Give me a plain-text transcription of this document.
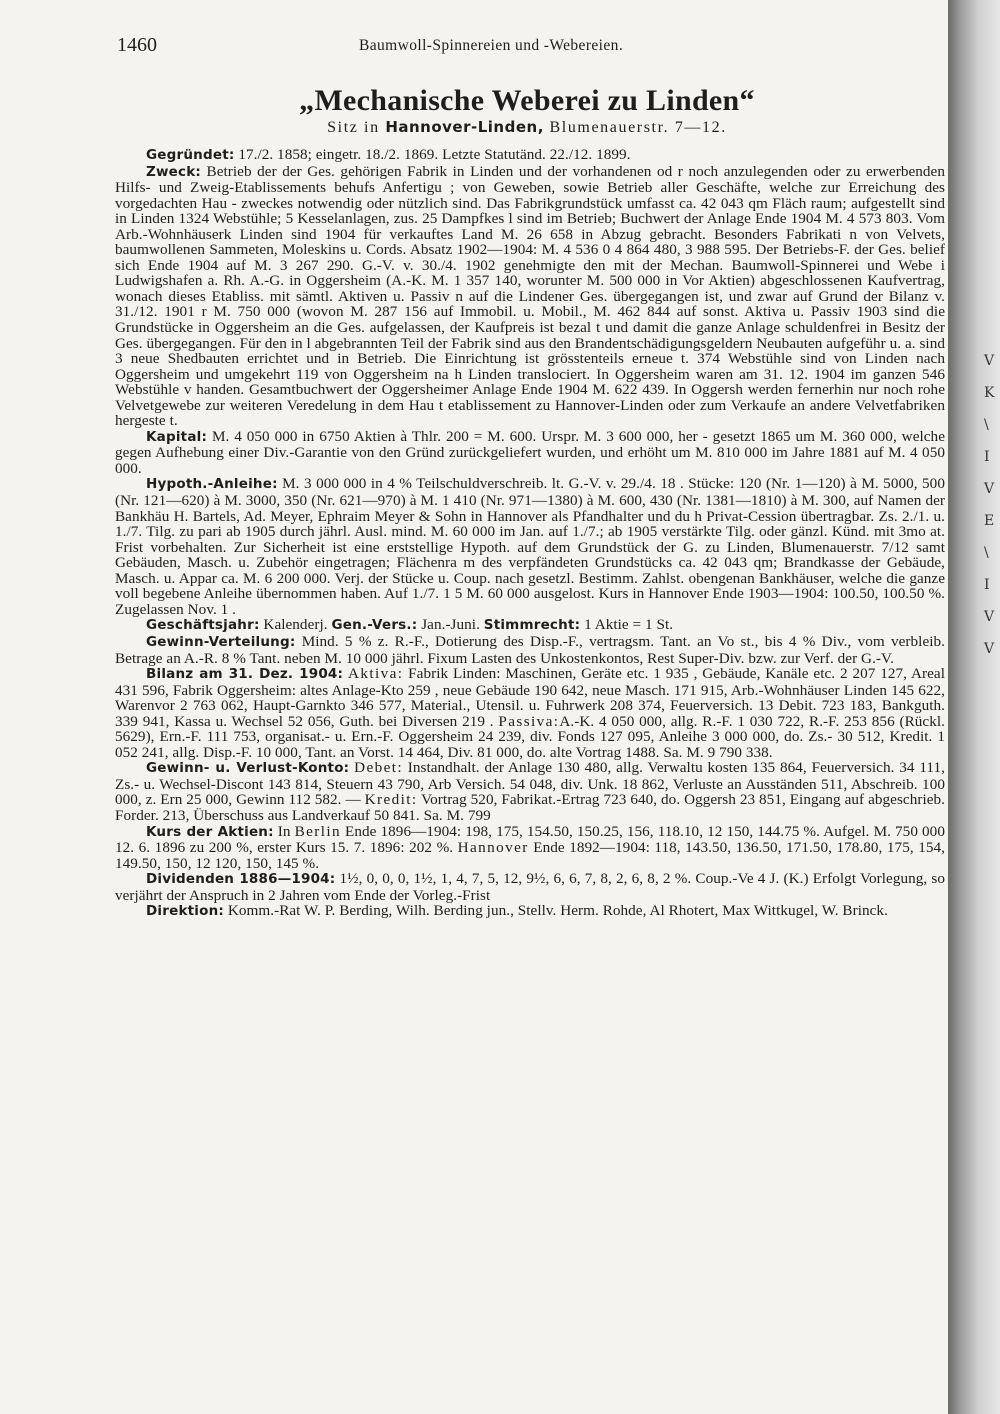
1460	Baumwoll-Spinnereien und -Webereien.
„Mechanische Weberei zu Linden“
Sitz in Hannover-Linden, Blumenauerstr. 7—12.

Gegründet: 17./2. 1858; eingetr. 18./2. 1869. Letzte Statutänd. 22./12. 1899.

Zweck: Betrieb der der Ges. gehörigen Fabrik in Linden und der vorhandenen od r noch anzulegenden oder zu erwerbenden Hilfs- und Zweig-Etablissements behufs Anfertigu ; von Geweben, sowie Betrieb aller Geschäfte, welche zur Erreichung des vorgedachten Hau - zweckes notwendig oder nützlich sind. Das Fabrikgrundstück umfasst ca. 42 043 qm Fläch raum; aufgestellt sind in Linden 1324 Webstühle; 5 Kesselanlagen, zus. 25 Dampfkes l sind im Betrieb; Buchwert der Anlage Ende 1904 M. 4 573 803. Vom Arb.-Wohnhäuserk Linden sind 1904 für verkauftes Land M. 26 658 in Abzug gebracht. Besonders Fabrikati n von Velvets, baumwollenen Sammeten, Moleskins u. Cords. Absatz 1902—1904: M. 4 536 0 4 864 480, 3 988 595. Der Betriebs-F. der Ges. belief sich Ende 1904 auf M. 3 267 290. G.-V. v. 30./4. 1902 genehmigte den mit der Mechan. Baumwoll-Spinnerei und Webe i Ludwigshafen a. Rh. A.-G. in Oggersheim (A.-K. M. 1 357 140, worunter M. 500 000 in Vor Aktien) abgeschlossenen Kaufvertrag, wonach dieses Etabliss. mit sämtl. Aktiven u. Passiv n auf die Lindener Ges. übergegangen ist, und zwar auf Grund der Bilanz v. 31./12. 1901 r M. 750 000 (wovon M. 287 156 auf Immobil. u. Mobil., M. 462 844 auf sonst. Aktiva u. Passiv 1903 sind die Grundstücke in Oggersheim an die Ges. aufgelassen, der Kaufpreis ist bezal t und damit die ganze Anlage schuldenfrei in Besitz der Ges. übergegangen. Für den in l abgebrannten Teil der Fabrik sind aus den Brandentschädigungsgeldern Neubauten aufgeführ u. a. sind 3 neue Shedbauten errichtet und in Betrieb. Die Einrichtung ist grösstenteils erneue t. 374 Webstühle sind von Linden nach Oggersheim und umgekehrt 119 von Oggersheim na h Linden translociert. In Oggersheim waren am 31. 12. 1904 im ganzen 546 Webstühle v handen. Gesamtbuchwert der Oggersheimer Anlage Ende 1904 M. 622 439. In Oggersh werden fernerhin nur noch rohe Velvetgewebe zur weiteren Veredelung in dem Hau t etablissement zu Hannover-Linden oder zum Verkaufe an andere Velvetfabriken hergeste t.

Kapital: M. 4 050 000 in 6750 Aktien à Thlr. 200 = M. 600. Urspr. M. 3 600 000, her - gesetzt 1865 um M. 360 000, welche gegen Aufhebung einer Div.-Garantie von den Gründ zurückgeliefert wurden, und erhöht um M. 810 000 im Jahre 1881 auf M. 4 050 000.

Hypoth.-Anleihe: M. 3 000 000 in 4 % Teilschuldverschreib. lt. G.-V. v. 29./4. 18 . Stücke: 120 (Nr. 1—120) à M. 5000, 500 (Nr. 121—620) à M. 3000, 350 (Nr. 621—970) à M. 1 410 (Nr. 971—1380) à M. 600, 430 (Nr. 1381—1810) à M. 300, auf Namen der Bankhäu H. Bartels, Ad. Meyer, Ephraim Meyer & Sohn in Hannover als Pfandhalter und du h Privat-Cession übertragbar. Zs. 2./1. u. 1./7. Tilg. zu pari ab 1905 durch jährl. Ausl. mind. M. 60 000 im Jan. auf 1./7.; ab 1905 verstärkte Tilg. oder gänzl. Künd. mit 3mo at. Frist vorbehalten. Zur Sicherheit ist eine erststellige Hypoth. auf dem Grundstück der G. zu Linden, Blumenauerstr. 7/12 samt Gebäuden, Masch. u. Zubehör eingetragen; Flächenra m des verpfändeten Grundstücks ca. 42 043 qm; Brandkasse der Gebäude, Masch. u. Appar ca. M. 6 200 000. Verj. der Stücke u. Coup. nach gesetzl. Bestimm. Zahlst. obengenan Bankhäuser, welche die ganze voll begebene Anleihe übernommen haben. Auf 1./7. 1 5 M. 60 000 ausgelost. Kurs in Hannover Ende 1903—1904: 100.50, 100.50 %. Zugelassen Nov. 1 .

Geschäftsjahr: Kalenderj. Gen.-Vers.: Jan.-Juni. Stimmrecht: 1 Aktie = 1 St.

Gewinn-Verteilung: Mind. 5 % z. R.-F., Dotierung des Disp.-F., vertragsm. Tant. an Vo st., bis 4 % Div., vom verbleib. Betrage an A.-R. 8 % Tant. neben M. 10 000 jährl. Fixum Lasten des Unkostenkontos, Rest Super-Div. bzw. zur Verf. der G.-V.

Bilanz am 31. Dez. 1904: Aktiva: Fabrik Linden: Maschinen, Geräte etc. 1 935 , Gebäude, Kanäle etc. 2 207 127, Areal 431 596, Fabrik Oggersheim: altes Anlage-Kto 259 , neue Gebäude 190 642, neue Masch. 171 915, Arb.-Wohnhäuser Linden 145 622, Warenvor 2 763 062, Haupt-Garnkto 346 577, Material., Utensil. u. Fuhrwerk 208 374, Feuerversich. 13 Debit. 723 183, Bankguth. 339 941, Kassa u. Wechsel 52 056, Guth. bei Diversen 219 . Passiva:A.-K. 4 050 000, allg. R.-F. 1 030 722, R.-F. 253 856 (Rückl. 5629), Ern.-F. 111 753, organisat.- u. Ern.-F. Oggersheim 24 239, div. Fonds 127 095, Anleihe 3 000 000, do. Zs.- 30 512, Kredit. 1 052 241, allg. Disp.-F. 10 000, Tant. an Vorst. 14 464, Div. 81 000, do. alte Vortrag 1488. Sa. M. 9 790 338.

Gewinn- u. Verlust-Konto: Debet: Instandhalt. der Anlage 130 480, allg. Verwaltu kosten 135 864, Feuerversich. 34 111, Zs.- u. Wechsel-Discont 143 814, Steuern 43 790, Arb Versich. 54 048, div. Unk. 18 862, Verluste an Ausständen 511, Abschreib. 100 000, z. Ern 25 000, Gewinn 112 582. — Kredit: Vortrag 520, Fabrikat.-Ertrag 723 640, do. Oggersh 23 851, Eingang auf abgeschrieb. Forder. 213, Überschuss aus Landverkauf 50 841. Sa. M. 799

Kurs der Aktien: In Berlin Ende 1896—1904: 198, 175, 154.50, 150.25, 156, 118.10, 12 150, 144.75 %. Aufgel. M. 750 000 12. 6. 1896 zu 200 %, erster Kurs 15. 7. 1896: 202 %. Hannover Ende 1892—1904: 118, 143.50, 136.50, 171.50, 178.80, 175, 154, 149.50, 150, 12 120, 150, 145 %.

Dividenden 1886—1904: 1½, 0, 0, 0, 1½, 1, 4, 7, 5, 12, 9½, 6, 6, 7, 8, 2, 6, 8, 2 %. Coup.-Ve 4 J. (K.) Erfolgt Vorlegung, so verjährt der Anspruch in 2 Jahren vom Ende der Vorleg.-Frist

Direktion: Komm.-Rat W. P. Berding, Wilh. Berding jun., Stellv. Herm. Rohde, Al Rhotert, Max Wittkugel, W. Brinck.

V
K
\
I
V
E
\
I
V
V
